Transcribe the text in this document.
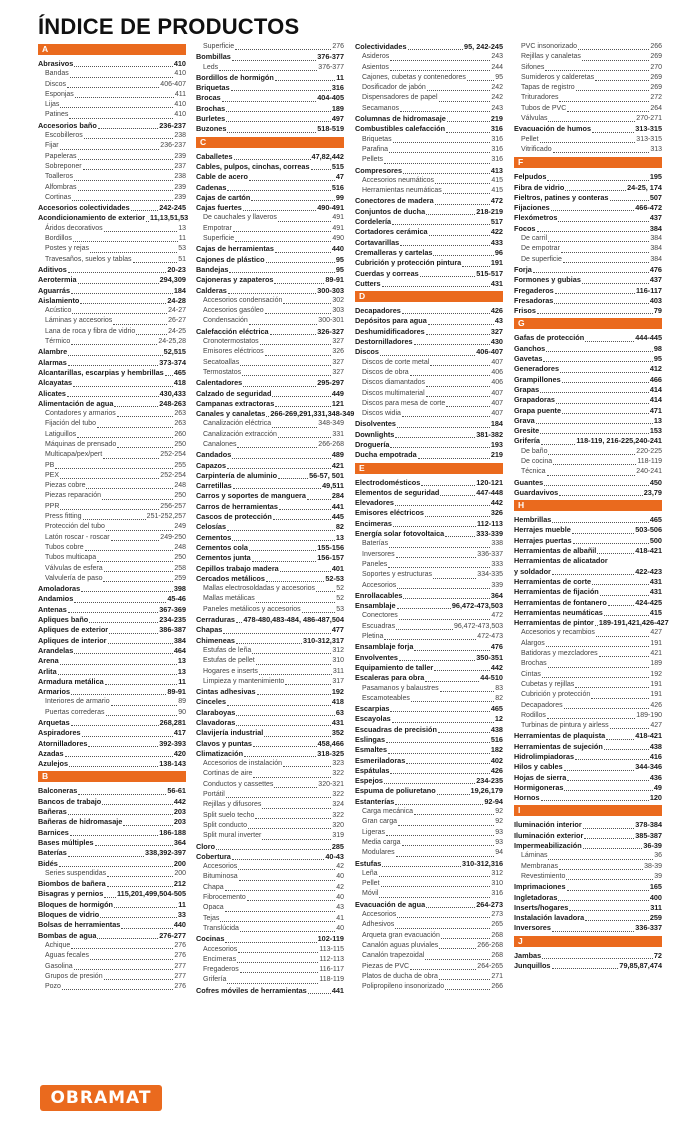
ÍNDICE DE PRODUCTOS
A
Abrasivos	410
Bandas	410
Discos	406-407
Esponjas	411
Lijas	410
Patines	410
Accesorios baño	236-237
Escobilleros	238
Fijar	236-237
Papeleras	239
Sobreponer	237
Toalleros	238
Alfombras	239
Cortinas	239
Accesorios colectividades	242-245
Acondicionamiento de exterior 11,13,51,53
Áridos decorativos	13
Bordillos	11
Postes y rejas	53
Travesaños, suelos y tablas	51
Aditivos	20-23
Aerotermia	294,309
Aguarrás	184
Aislamiento	24-28
Acústico	24-27
Láminas y accesorios	26-27
Lana de roca y fibra de vidrio	24-25
Térmico	24-25,28
Alambre	52,515
Alarmas	373-374
Alcantarillas, escarpias y hembrillas 465
Alcayatas	418
Alicates	430,433
Alimentación de agua	248-263
Contadores y armarios	263
Fijación del tubo	263
Latiguillos	260
Máquinas de prensado	250
Multicapa/pex/pert	252-254
PB	255
PEX	252-254
Piezas cobre	248
Piezas reparación	250
PPR	256-257
Press fitting	251-252,257
Protección del tubo	249
Latón roscar - roscar	249-250
Tubos cobre	248
Tubos multicapa	250
Válvulas de esfera	258
Valvulería de paso	259
Amoladoras	398
Andamios	45-46
Antenas	367-369
Apliques baño	234-235
Apliques de exterior	386-387
Apliques de interior	384
Arandelas	464
Arena	13
Arlita	13
Armadura metálica	11
Armarios	89-91
Interiores de armario	89
Puertas correderas	90
Arquetas	268,281
Aspiradores	417
Atornilladores	392-393
Azadas	420
Azulejos	138-143
B
Balconeras	56-61
Bancos de trabajo	442
Bañeras	203
Bañeras de hidromasaje	203
Barnices	186-188
Bases múltiples	364
Baterías	338,392-397
Bidés	200
Series suspendidas	200
Biombos de bañera	212
Bisagras y pernios 115,201,499,504-505
Bloques de hormigón	11
Bloques de vidrio	33
Bolsas de herramientas	440
Bombas de agua	276-277
Achique	276
Aguas fecales	276
Gasolina	277
Grupos de presión	277
Pozo	276
Superficie	276
Bombillas	376-377
Leds	376-377
Bordillos de hormigón	11
Briquetas	316
Brocas	404-405
Brochas	189
Burletes	497
Buzones	518-519
C
Caballetes	47,82,442
Cables, pulpos, cinchas, correas	515
Cable de acero	47
Cadenas	516
Cajas de cartón	99
Cajas fuertes	490-491
De cauchales y llaveros	491
Empotrar	491
Superficie	490
Cajas de herramientas	440
Cajones de plástico	95
Bandejas	95
Cajoneras y zapateros	89-91
Calderas	300-303
Accesorios condensación	302
Accesorios gasóleo	303
Condensación	300-301
Calefacción eléctrica	326-327
Cronotermostatos	327
Emisores eléctricos	326
Secatoallas	327
Termostatos	327
Calentadores	295-297
Calzado de seguridad	449
Campanas extractoras	121
Canales y canaletas 266-269,291,331,348-349
Canalización eléctrica	348-349
Canalización extracción	331
Canalones	266-268
Candados	489
Capazos	421
Carpintería de aluminio	56-57, 501
Carretillas	49,511
Carros y soportes de manguera	284
Carros de herramientas	441
Cascos de protección	445
Celosías	82
Cementos	13
Cementos cola	155-156
Cementos junta	156-157
Cepillos trabajo madera	401
Cercados metálicos	52-53
Mallas electrosoldadas y accesorios	52
Mallas metálicas	52
Paneles metálicos y accesorios	53
Cerraduras 478-480,483-484, 486-487,504
Chapas	477
Chimeneas	310-312,317
Estufas de leña	312
Estufas de pellet	310
Hogares e inserts	311
Limpieza y mantenimiento	317
Cintas adhesivas	192
Cinceles	418
Claraboyas	63
Clavadoras	431
Clavijería industrial	352
Clavos y puntas	458,466
Climatización	318-325
Accesorios de instalación	323
Cortinas de aire	322
Conductos y cassettes	320-321
Portátil	322
Rejillas y difusores	324
Split suelo techo	322
Split conducto	320
Split mural inverter	319
Cloro	285
Cobertura	40-43
Accesorios	42
Bituminosa	40
Chapa	42
Fibrocemento	40
Opaca	43
Tejas	41
Translúcida	40
Cocinas	102-119
Accesorios	113-115
Encimeras	112-113
Fregaderos	116-117
Grifería	118-119
Cofres móviles de herramientas	441
Colectividades	95, 242-245
Asideros	243
Asientos	244
Cajones, cubetas y contenedores	95
Dosificador de jabón	242
Dispensadores de papel	242
Secamanos	243
Columnas de hidromasaje	219
Combustibles calefacción	316
Briquetas	316
Parafina	316
Pellets	316
Compresores	413
Accesorios neumáticos	415
Herramientas neumáticas	415
Conectores de madera	472
Conjuntos de ducha	218-219
Cordelería	517
Cortadores cerámica	422
Cortavarillas	433
Cremalleras y cartelas	96
Cubrición y protección pintura	191
Cuerdas y correas	515-517
Cutters	431
D
Decapadores	426
Depósitos para agua	43
Deshumidificadores	327
Destornilladores	430
Discos	406-407
Discos de corte metal	407
Discos de obra	406
Discos diamantados	406
Discos multimaterial	407
Discos para mesa de corte	407
Discos widia	407
Disolventes	184
Downlights	381-382
Droguería	193
Ducha empotrada	219
E
Electrodomésticos	120-121
Elementos de seguridad	447-448
Elevadores	442
Emisores eléctricos	326
Encimeras	112-113
Energía solar fotovoltaica	333-339
Baterías	338
Inversores	336-337
Paneles	333
Soportes y estructuras	334-335
Accesorios	339
Enrollacables	364
Ensamblaje	96,472-473,503
Conectores	472
Escuadras	96,472-473,503
Pletina	472-473
Ensamblaje forja	476
Envolventes	350-351
Equipamiento de taller	442
Escaleras para obra	44-510
Pasamanos y balaustres	83
Escamoteables	82
Escarpias	465
Escayolas	12
Escuadras de precisión	438
Eslingas	516
Esmaltes	182
Esmeriladoras	402
Espátulas	426
Espejos	234-235
Espuma de poliuretano	19,26,179
Estanterías	92-94
Carga mecánica	92
Gran carga	92
Ligeras	93
Media carga	93
Modulares	94
Estufas	310-312,316
Leña	312
Pellet	310
Móvil	316
Evacuación de agua	264-273
Accesorios	273
Adhesivos	265
Arqueta gran evacuación	268
Canalón aguas pluviales	266-268
Canalón trapezoidal	268
Piezas de PVC	264-265
Platos de ducha de obra	271
Polipropileno insonorizado	266
PVC insonorizado	266
Rejillas y canaletas	269
Sifones	270
Sumideros y calderetas	269
Tapas de registro	269
Trituradores	272
Tubos de PVC	264
Válvulas	270-271
Evacuación de humos	313-315
Pellet	313-315
Vitrificado	313
F
Felpudos	195
Fibra de vidrio	24-25, 174
Fieltros, patines y conteras	507
Fijaciones	466-472
Flexómetros	437
Focos	384
De carril	384
De empotrar	384
De superficie	384
Forja	476
Formones y gubias	437
Fregaderos	116-117
Fresadoras	403
Frisos	79
G
Gafas de protección	444-445
Ganchos	98
Gavetas	95
Generadores	412
Grampillones	466
Grapas	414
Grapadoras	414
Grapa puente	471
Grava	13
Gresite	153
Grifería	118-119, 216-225,240-241
De baño	220-225
De cocina	118-119
Técnica	240-241
Guantes	450
Guardavivos	23,79
H
Hembrillas	465
Herrajes mueble	503-506
Herrajes puertas	500
Herramientas de albañil	418-421
Herramientas de alicatador
y soldador	422-423
Herramientas de corte	431
Herramientas de fijación	431
Herramientas de fontanero	424-425
Herramientas neumáticas	415
Herramientas de pintor 189-191,421,426-427
Accesorios y recambios	427
Alargos	191
Batidoras y mezcladores	421
Brochas	189
Cintas	192
Cubetas y rejillas	191
Cubrición y protección	191
Decapadores	426
Rodillos	189-190
Turbinas de pintura y airless	427
Herramientas de plaquista	418-421
Herramientas de sujeción	438
Hidrolimpiadoras	416
Hilos y cables	344-346
Hojas de sierra	436
Hormigoneras	49
Hornos	120
I
Iluminación interior	378-384
Iluminación exterior	385-387
Impermeabilización	36-39
Láminas	36
Membranas	38-39
Revestimiento	39
Imprimaciones	165
Ingletadoras	400
Inserts/hogares	311
Instalación lavadora	259
Inversores	336-337
J
Jambas	72
Junquillos	79,85,87,474
OBRAMAT
